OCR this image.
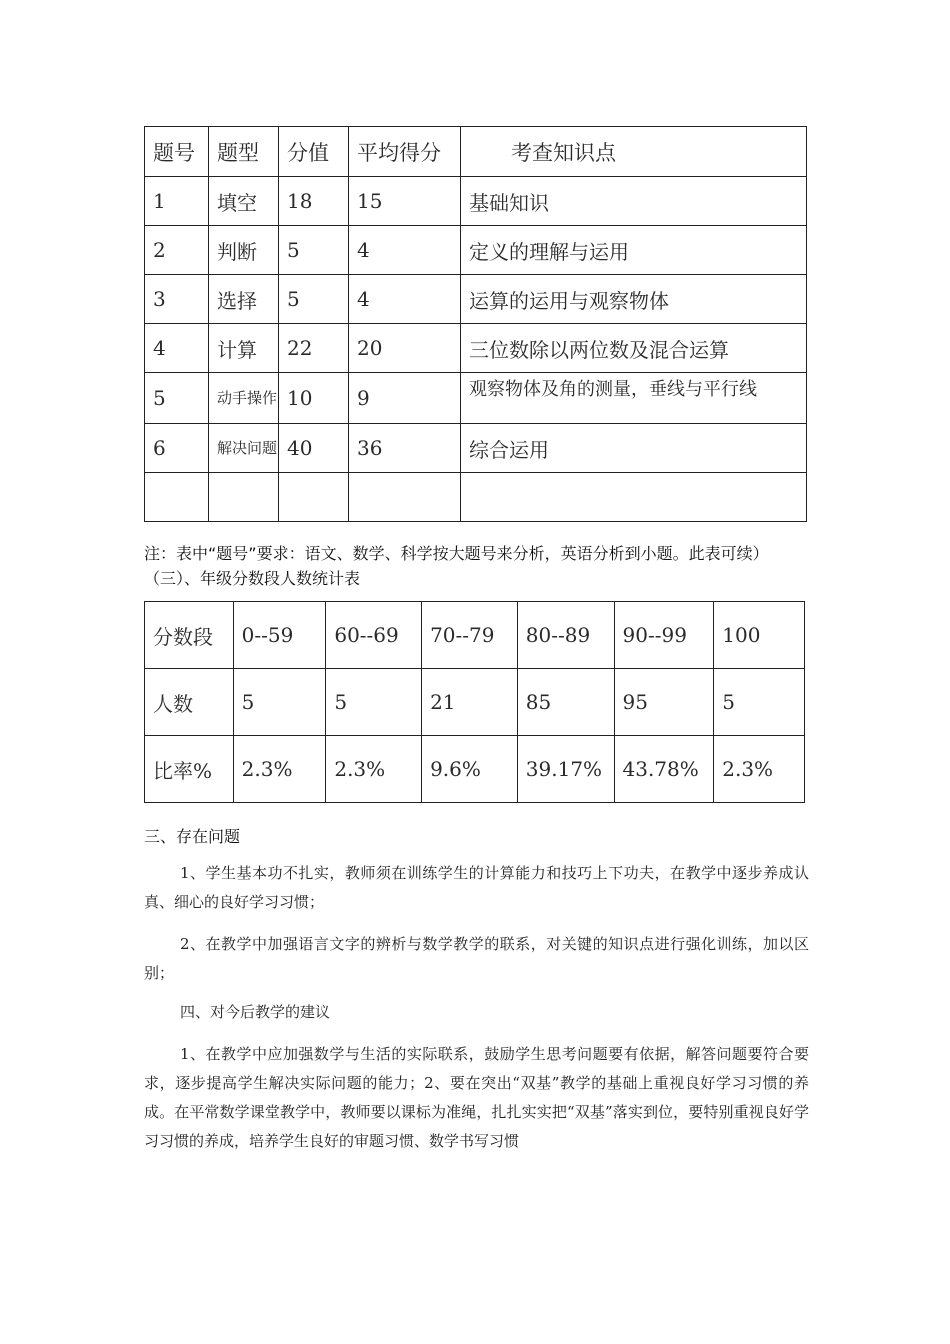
题号	题型	分值	平均得分	考查知识点
1	填空	18	15	基础知识
2	判断	5	4	定义的理解与运用
3	选择	5	4	运算的运用与观察物体
4	计算	22	20	三位数除以两位数及混合运算
5	动手操作	10	9	观察物体及角的测量，垂线与平行线
6	解决问题	40	36	综合运用

注：表中“题号”要求：语文、数学、科学按大题号来分析，英语分析到小题。此表可续）（三）、年级分数段人数统计表
分数段	0--59	60--69	70--79	80--89	90--99	100
人数	5	5	21	85	95	5
比率%	2.3%	2.3%	9.6%	39.17%	43.78%	2.3%
三、存在问题
1、学生基本功不扎实，教师须在训练学生的计算能力和技巧上下功夫，在教学中逐步养成认真、细心的良好学习习惯；
2、在教学中加强语言文字的辨析与数学教学的联系，对关键的知识点进行强化训练，加以区别；
四、对今后教学的建议
1、在教学中应加强数学与生活的实际联系，鼓励学生思考问题要有依据，解答问题要符合要求，逐步提高学生解决实际问题的能力；2、要在突出“双基”教学的基础上重视良好学习习惯的养成。在平常数学课堂教学中，教师要以课标为准绳，扎扎实实把“双基”落实到位，要特别重视良好学习习惯的养成，培养学生良好的审题习惯、数学书写习惯
